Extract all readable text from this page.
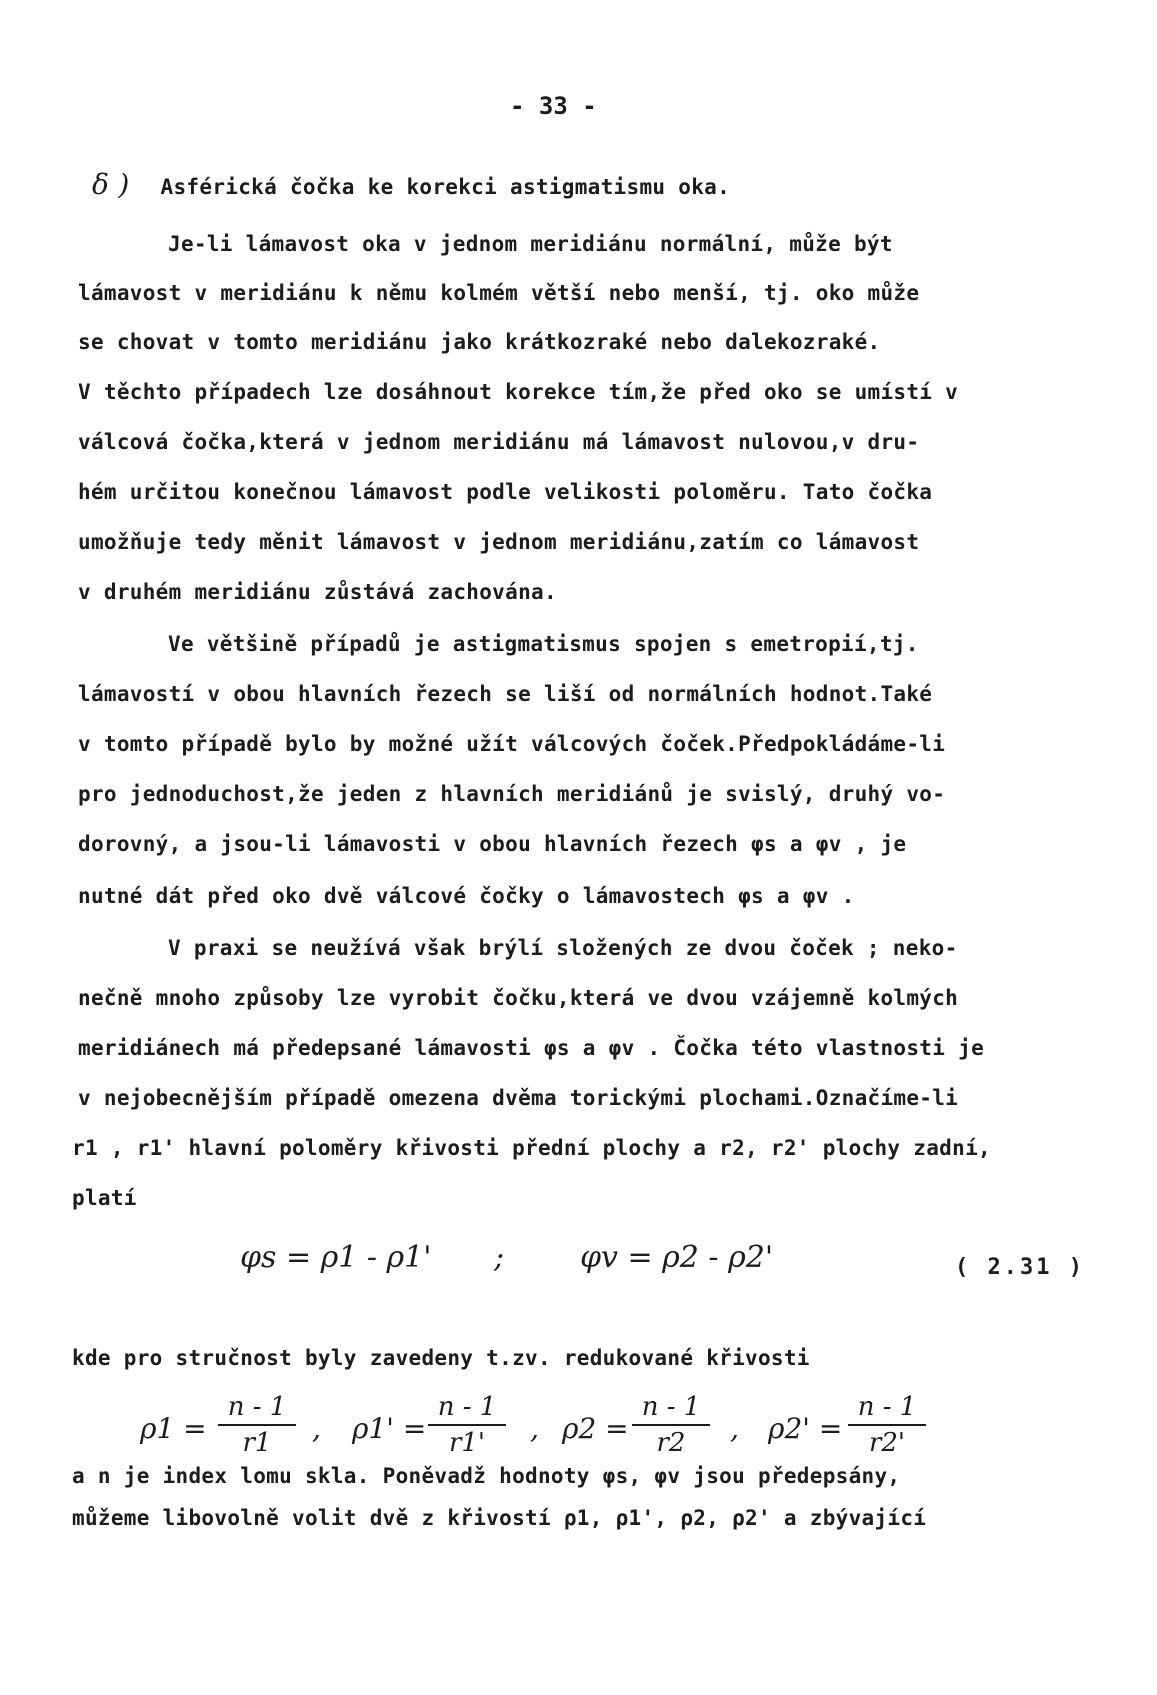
- 33 -
δ ) Asférická čočka ke korekci astigmatismu oka.
Je-li lámavost oka v jednom meridiánu normální, může být
lámavost v meridiánu k němu kolmém větší nebo menší, tj. oko může
se chovat v tomto meridiánu jako krátkozraké nebo dalekozraké.
V těchto případech lze dosáhnout korekce tím,že před oko se umístí v
válcová čočka,která v jednom meridiánu má lámavost nulovou,v dru-
hém určitou konečnou lámavost podle velikosti poloměru. Tato čočka
umožňuje tedy měnit lámavost v jednom meridiánu,zatím co lámavost
v druhém meridiánu zůstává zachována.
Ve většině případů je astigmatismus spojen s emetropií,tj.
lámavostí v obou hlavních řezech se liší od normálních hodnot.Také
v tomto případě bylo by možné užít válcových čoček.Předpokládáme-li
pro jednoduchost,že jeden z hlavních meridiánů je svislý, druhý vo-
dorovný, a jsou-li lámavosti v obou hlavních řezech φs a φv , je
nutné dát před oko dvě válcové čočky o lámavostech φs a φv .
V praxi se neužívá však brýlí složených ze dvou čoček ; neko-
nečně mnoho způsoby lze vyrobit čočku,která ve dvou vzájemně kolmých
meridiánech má předepsané lámavosti φs a φv . Čočka této vlastnosti je
v nejobecnějším případě omezena dvěma torickými plochami.Označíme-li
r1 , r1' hlavní poloměry křivosti přední plochy a r2, r2' plochy zadní,
platí
φs = ρ1 - ρ1' ;	φv = ρ2 - ρ2'	( 2.31 )
kde pro stručnost byly zavedeny t.zv. redukované křivosti
ρ1 =
n - 1
r1	, ρ1' =
n - 1
r1'	, ρ2 =
n - 1
r2	, ρ2' =
n - 1
r2'
a n je index lomu skla. Poněvadž hodnoty φs, φv jsou předepsány,
můžeme libovolně volit dvě z křivostí ρ1, ρ1', ρ2, ρ2' a zbývající
